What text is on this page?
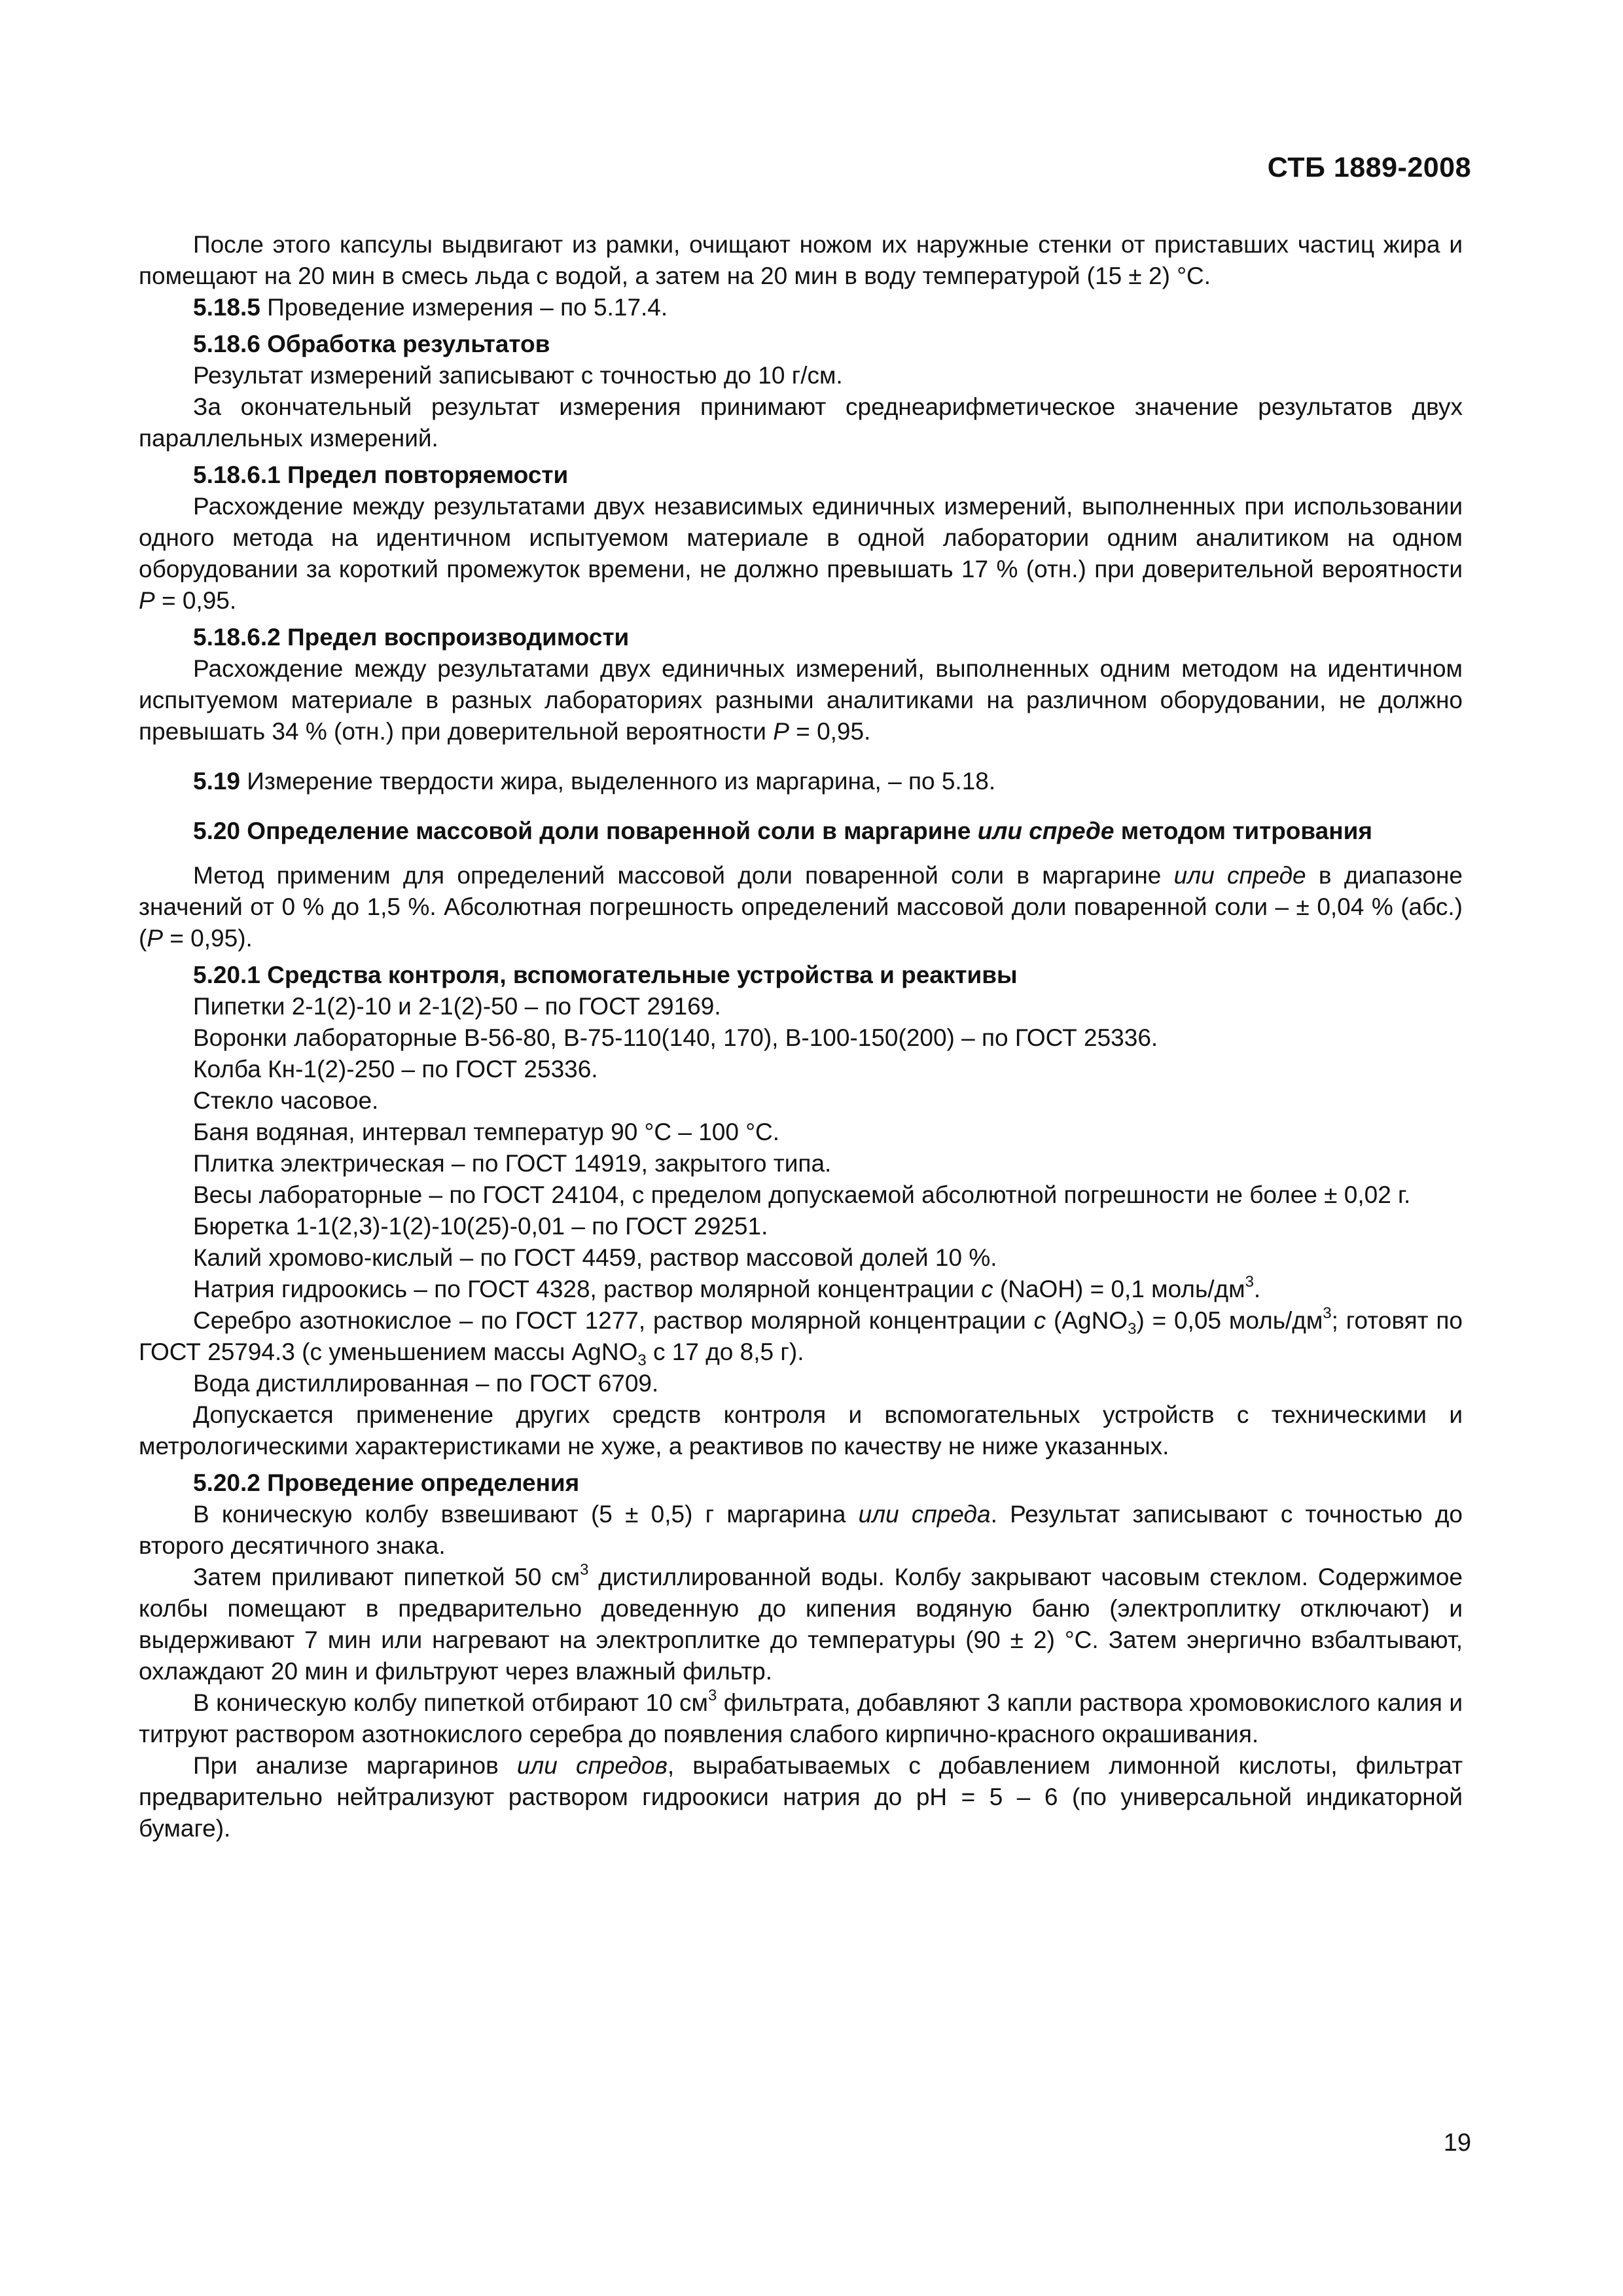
СТБ 1889-2008

После этого капсулы выдвигают из рамки, очищают ножом их наружные стенки от приставших частиц жира и помещают на 20 мин в смесь льда с водой, а затем на 20 мин в воду температурой (15 ± 2) °С.

5.18.5 Проведение измерения – по 5.17.4.

5.18.6 Обработка результатов

Результат измерений записывают с точностью до 10 г/см.

За окончательный результат измерения принимают среднеарифметическое значение результатов двух параллельных измерений.

5.18.6.1 Предел повторяемости

Расхождение между результатами двух независимых единичных измерений, выполненных при использовании одного метода на идентичном испытуемом материале в одной лаборатории одним аналитиком на одном оборудовании за короткий промежуток времени, не должно превышать 17 % (отн.) при доверительной вероятности P = 0,95.

5.18.6.2 Предел воспроизводимости

Расхождение между результатами двух единичных измерений, выполненных одним методом на идентичном испытуемом материале в разных лабораториях разными аналитиками на различном оборудовании, не должно превышать 34 % (отн.) при доверительной вероятности P = 0,95.

5.19 Измерение твердости жира, выделенного из маргарина, – по 5.18.

5.20 Определение массовой доли поваренной соли в маргарине или спреде методом титрования

Метод применим для определений массовой доли поваренной соли в маргарине или спреде в диапазоне значений от 0 % до 1,5 %. Абсолютная погрешность определений массовой доли поваренной соли – ± 0,04 % (абс.) (P = 0,95).

5.20.1 Средства контроля, вспомогательные устройства и реактивы

Пипетки 2-1(2)-10 и 2-1(2)-50 – по ГОСТ 29169.

Воронки лабораторные В-56-80, В-75-110(140, 170), В-100-150(200) – по ГОСТ 25336.

Колба Кн-1(2)-250 – по ГОСТ 25336.

Стекло часовое.

Баня водяная, интервал температур 90 °С – 100 °С.

Плитка электрическая – по ГОСТ 14919, закрытого типа.

Весы лабораторные – по ГОСТ 24104, с пределом допускаемой абсолютной погрешности не более ± 0,02 г.

Бюретка 1-1(2,3)-1(2)-10(25)-0,01 – по ГОСТ 29251.

Калий хромово-кислый – по ГОСТ 4459, раствор массовой долей 10 %.

Натрия гидроокись – по ГОСТ 4328, раствор молярной концентрации c (NaOH) = 0,1 моль/$дм^3$.

Серебро азотнокислое – по ГОСТ 1277, раствор молярной концентрации c (AgNO$_3$) = 0,05 моль/$дм^3$; готовят по ГОСТ 25794.3 (с уменьшением массы AgNO$_3$ с 17 до 8,5 г).

Вода дистиллированная – по ГОСТ 6709.

Допускается применение других средств контроля и вспомогательных устройств с техническими и метрологическими характеристиками не хуже, а реактивов по качеству не ниже указанных.

5.20.2 Проведение определения

В коническую колбу взвешивают (5 ± 0,5) г маргарина или спреда. Результат записывают с точностью до второго десятичного знака.

Затем приливают пипеткой 50 $см^3$ дистиллированной воды. Колбу закрывают часовым стеклом. Содержимое колбы помещают в предварительно доведенную до кипения водяную баню (электроплитку отключают) и выдерживают 7 мин или нагревают на электроплитке до температуры (90 ± 2) °С. Затем энергично взбалтывают, охлаждают 20 мин и фильтруют через влажный фильтр.

В коническую колбу пипеткой отбирают 10 $см^3$ фильтрата, добавляют 3 капли раствора хромовокислого калия и титруют раствором азотнокислого серебра до появления слабого кирпично-красного окрашивания.

При анализе маргаринов или спредов, вырабатываемых с добавлением лимонной кислоты, фильтрат предварительно нейтрализуют раствором гидроокиси натрия до pH = 5 – 6 (по универсальной индикаторной бумаге).

19
